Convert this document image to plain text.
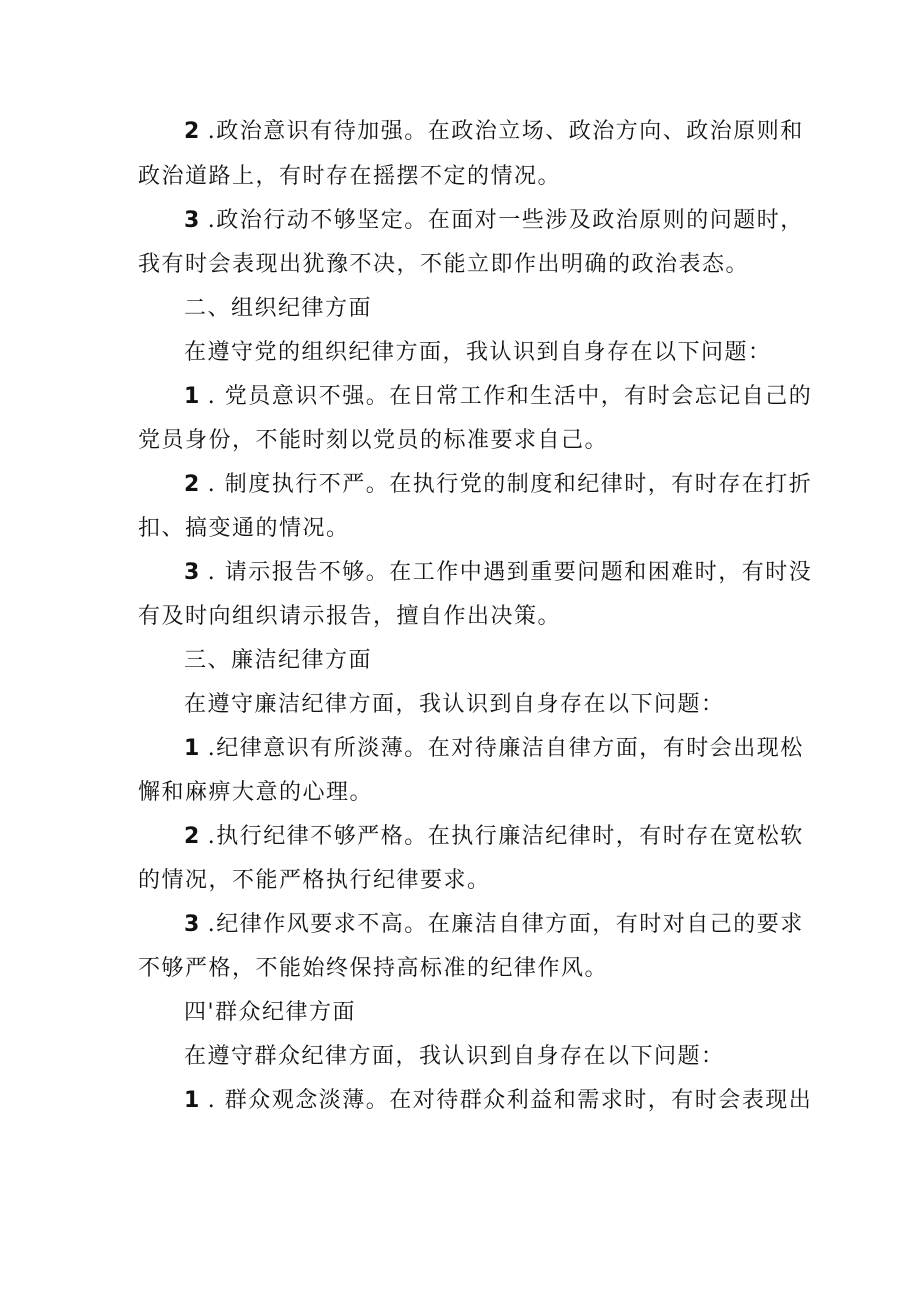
2 .政治意识有待加强。在政治立场、政治方向、政治原则和
政治道路上，有时存在摇摆不定的情况。
3 .政治行动不够坚定。在面对一些涉及政治原则的问题时，
我有时会表现出犹豫不决，不能立即作出明确的政治表态。
二、组织纪律方面
在遵守党的组织纪律方面，我认识到自身存在以下问题：
1 . 党员意识不强。在日常工作和生活中，有时会忘记自己的
党员身份，不能时刻以党员的标准要求自己。
2 . 制度执行不严。在执行党的制度和纪律时，有时存在打折
扣、搞变通的情况。
3 . 请示报告不够。在工作中遇到重要问题和困难时，有时没
有及时向组织请示报告，擅自作出决策。
三、廉洁纪律方面
在遵守廉洁纪律方面，我认识到自身存在以下问题：
1 .纪律意识有所淡薄。在对待廉洁自律方面，有时会出现松
懈和麻痹大意的心理。
2 .执行纪律不够严格。在执行廉洁纪律时，有时存在宽松软
的情况，不能严格执行纪律要求。
3 .纪律作风要求不高。在廉洁自律方面，有时对自己的要求
不够严格，不能始终保持高标准的纪律作风。
四'群众纪律方面
在遵守群众纪律方面，我认识到自身存在以下问题：
1 . 群众观念淡薄。在对待群众利益和需求时，有时会表现出
